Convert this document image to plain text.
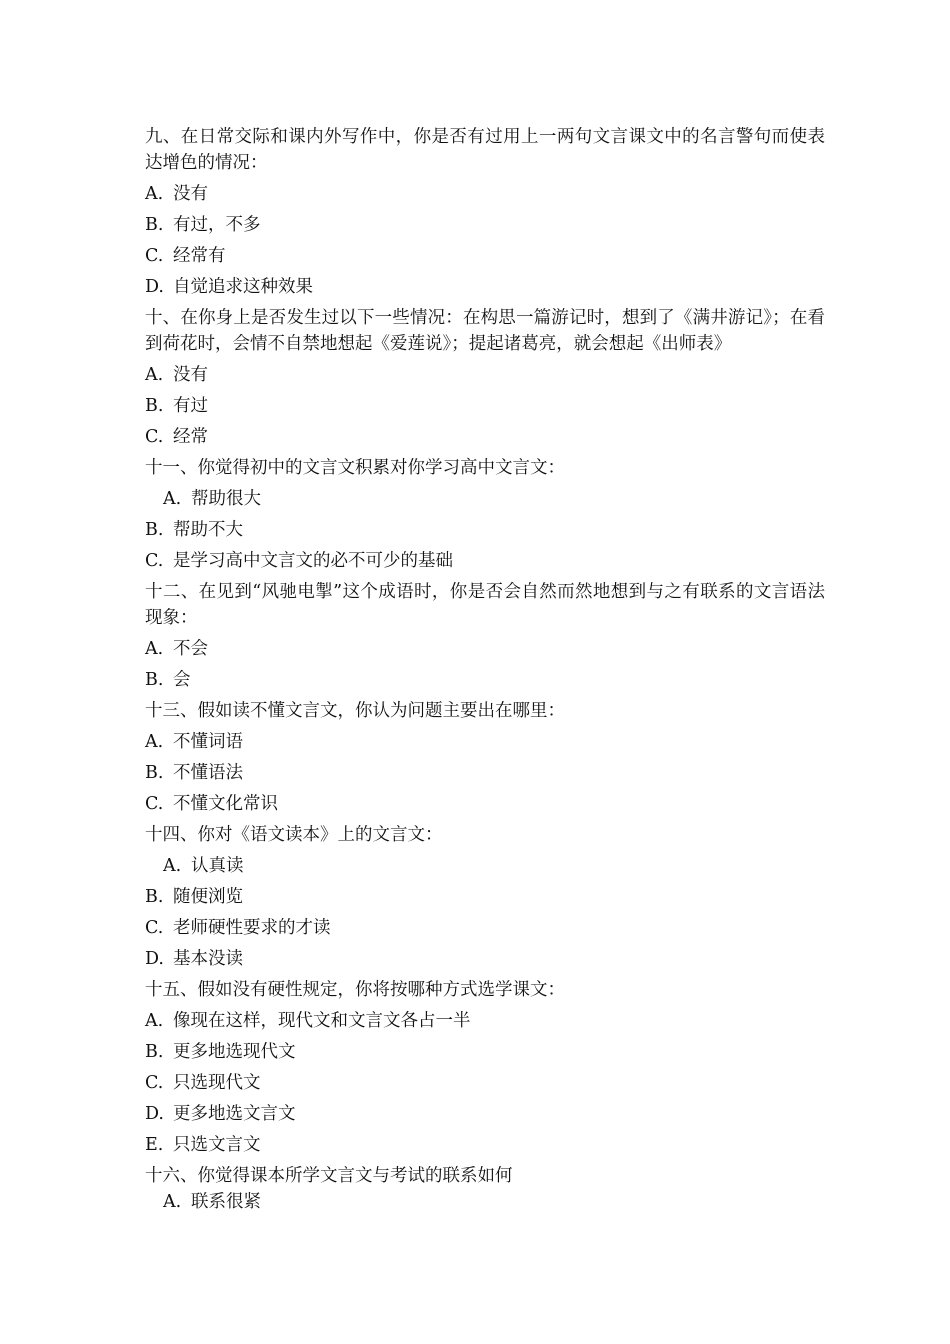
九、在日常交际和课内外写作中，你是否有过用上一两句文言课文中的名言警句而使表达增色的情况：
A. 没有
B. 有过，不多
C. 经常有
D. 自觉追求这种效果
十、在你身上是否发生过以下一些情况：在构思一篇游记时，想到了《满井游记》；在看到荷花时，会情不自禁地想起《爱莲说》；提起诸葛亮，就会想起《出师表》
A. 没有
B. 有过
C. 经常
十一、你觉得初中的文言文积累对你学习高中文言文：
A. 帮助很大
B. 帮助不大
C. 是学习高中文言文的必不可少的基础
十二、在见到“风驰电掣”这个成语时，你是否会自然而然地想到与之有联系的文言语法现象：
A. 不会
B. 会
十三、假如读不懂文言文，你认为问题主要出在哪里：
A. 不懂词语
B. 不懂语法
C. 不懂文化常识
十四、你对《语文读本》上的文言文：
A. 认真读
B. 随便浏览
C. 老师硬性要求的才读
D. 基本没读
十五、假如没有硬性规定，你将按哪种方式选学课文：
A. 像现在这样，现代文和文言文各占一半
B. 更多地选现代文
C. 只选现代文
D. 更多地选文言文
E. 只选文言文
十六、你觉得课本所学文言文与考试的联系如何
A. 联系很紧
